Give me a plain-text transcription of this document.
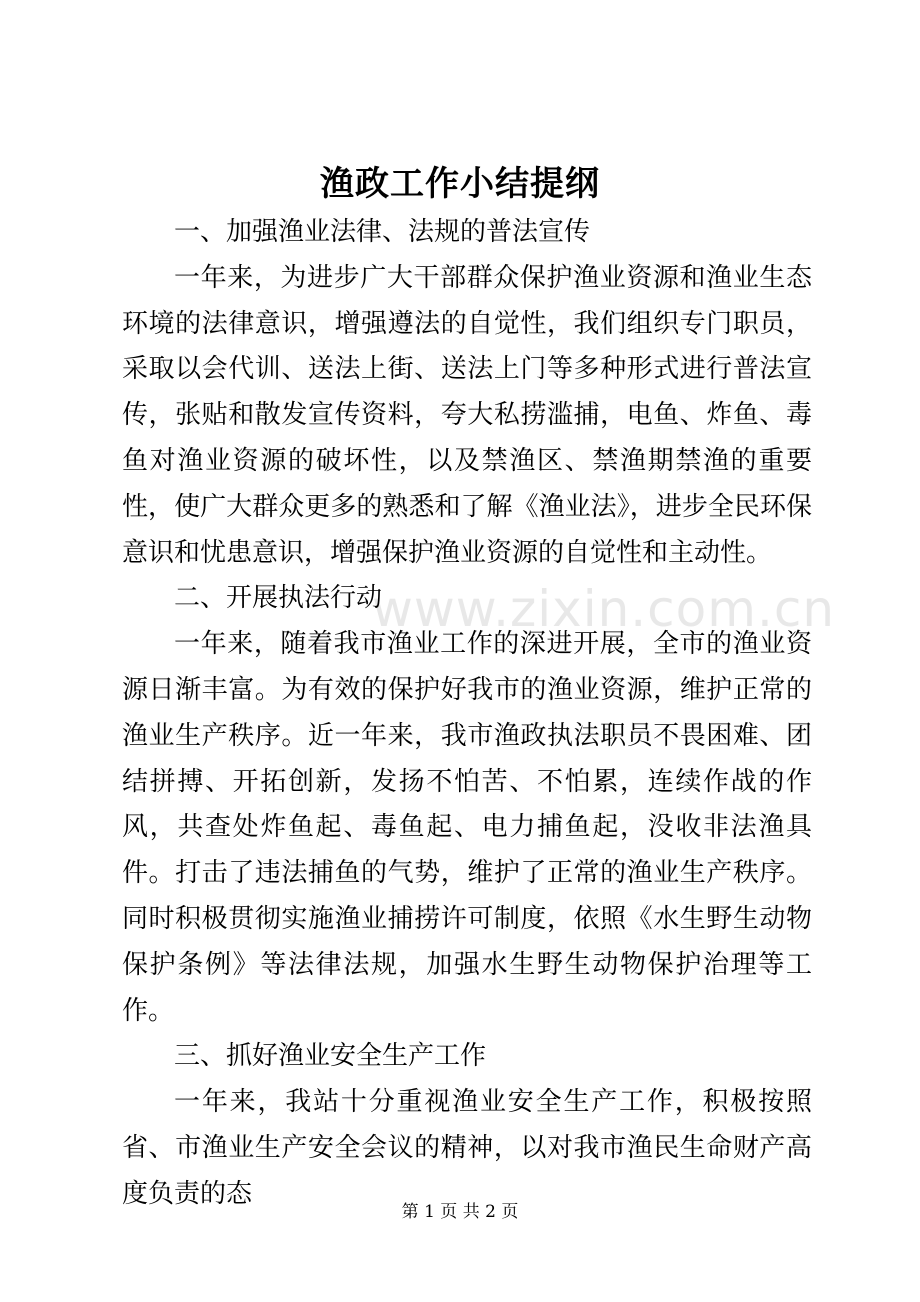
www.zixin.com.cn
渔政工作小结提纲

一、加强渔业法律、法规的普法宣传

一年来，为进步广大干部群众保护渔业资源和渔业生态环境的法律意识，增强遵法的自觉性，我们组织专门职员，采取以会代训、送法上街、送法上门等多种形式进行普法宣传，张贴和散发宣传资料，夸大私捞滥捕，电鱼、炸鱼、毒鱼对渔业资源的破坏性，以及禁渔区、禁渔期禁渔的重要性，使广大群众更多的熟悉和了解《渔业法》，进步全民环保意识和忧患意识，增强保护渔业资源的自觉性和主动性。

二、开展执法行动

一年来，随着我市渔业工作的深进开展，全市的渔业资源日渐丰富。为有效的保护好我市的渔业资源，维护正常的渔业生产秩序。近一年来，我市渔政执法职员不畏困难、团结拼搏、开拓创新，发扬不怕苦、不怕累，连续作战的作风，共查处炸鱼起、毒鱼起、电力捕鱼起，没收非法渔具件。打击了违法捕鱼的气势，维护了正常的渔业生产秩序。同时积极贯彻实施渔业捕捞许可制度，依照《水生野生动物保护条例》等法律法规，加强水生野生动物保护治理等工作。

三、抓好渔业安全生产工作

一年来，我站十分重视渔业安全生产工作，积极按照省、市渔业生产安全会议的精神，以对我市渔民生命财产高度负责的态

第 1 页 共 2 页
